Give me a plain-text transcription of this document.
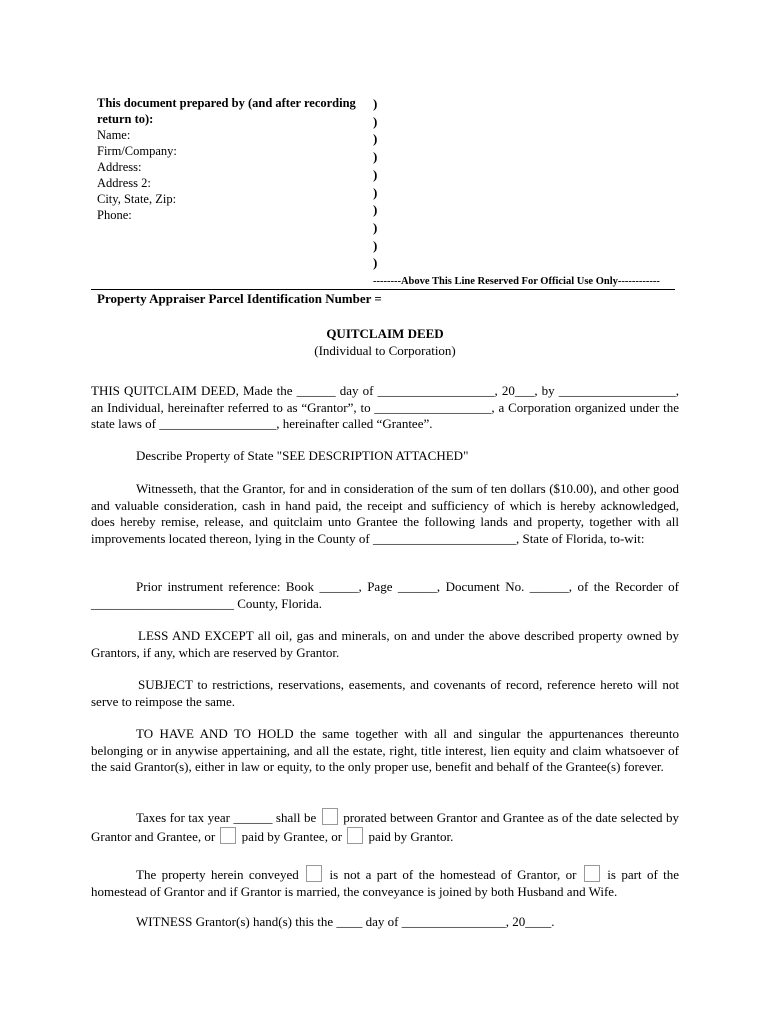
This document prepared by (and after recording return to):
Name:
Firm/Company:
Address:
Address 2:
City, State, Zip:
Phone:
)
)
)
)
)
)
)
)
)
)
--------Above This Line Reserved For Official Use Only------------
Property Appraiser Parcel Identification Number =
QUITCLAIM DEED
(Individual to Corporation)
THIS QUITCLAIM DEED, Made the ______ day of __________________, 20___, by __________________, an Individual, hereinafter referred to as “Grantor”, to __________________, a Corporation organized under the state laws of __________________, hereinafter called “Grantee”.
Describe Property of State "SEE DESCRIPTION ATTACHED"
Witnesseth, that the Grantor, for and in consideration of the sum of ten dollars ($10.00), and other good and valuable consideration, cash in hand paid, the receipt and sufficiency of which is hereby acknowledged, does hereby remise, release, and quitclaim unto Grantee the following lands and property, together with all improvements located thereon, lying in the County of ______________________, State of Florida, to-wit:
Prior instrument reference: Book ______, Page ______, Document No. ______, of the Recorder of ______________________ County, Florida.
LESS AND EXCEPT all oil, gas and minerals, on and under the above described property owned by Grantors, if any, which are reserved by Grantor.
SUBJECT to restrictions, reservations, easements, and covenants of record, reference hereto will not serve to reimpose the same.
TO HAVE AND TO HOLD the same together with all and singular the appurtenances thereunto belonging or in anywise appertaining, and all the estate, right, title interest, lien equity and claim whatsoever of the said Grantor(s), either in law or equity, to the only proper use, benefit and behalf of the Grantee(s) forever.
Taxes for tax year ______ shall be prorated between Grantor and Grantee as of the date selected by Grantor and Grantee, or paid by Grantee, or paid by Grantor.
The property herein conveyed is not a part of the homestead of Grantor, or is part of the homestead of Grantor and if Grantor is married, the conveyance is joined by both Husband and Wife.
WITNESS Grantor(s) hand(s) this the ____ day of ________________, 20____.
